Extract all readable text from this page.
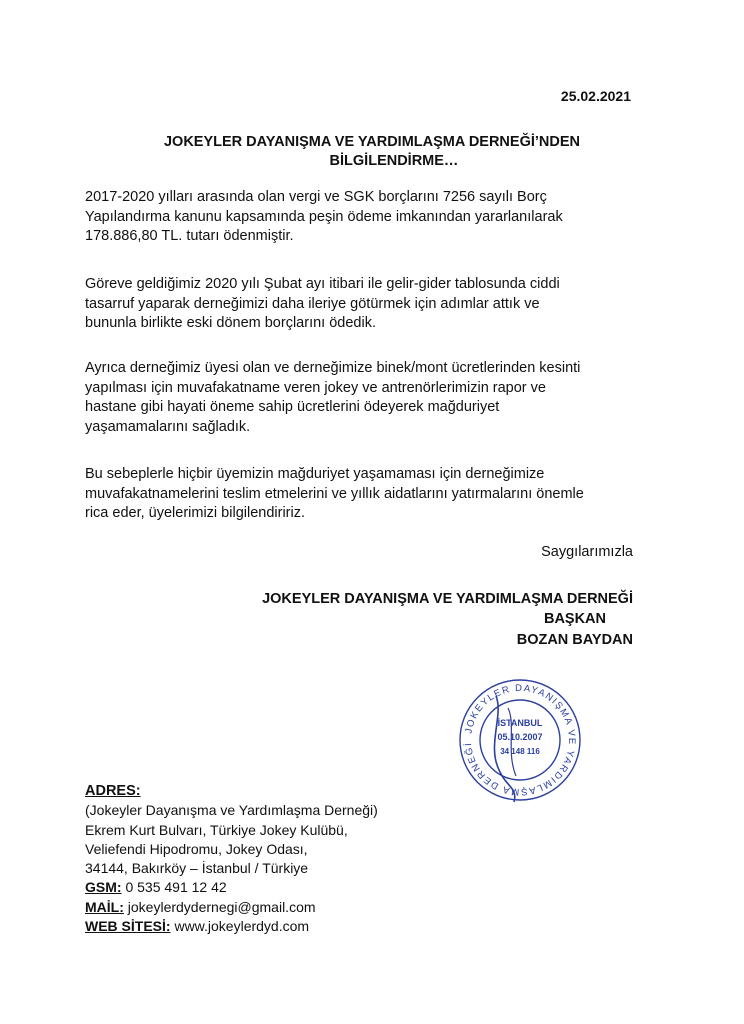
25.02.2021
JOKEYLER DAYANIŞMA VE YARDIMLAŞMA DERNEĞİ’NDEN
BİLGİLENDİRME…
2017-2020 yılları arasında olan vergi ve SGK borçlarını 7256 sayılı Borç
Yapılandırma kanunu kapsamında peşin ödeme imkanından yararlanılarak
178.886,80 TL. tutarı ödenmiştir.
Göreve geldiğimiz 2020 yılı Şubat ayı itibari ile gelir-gider tablosunda ciddi
tasarruf yaparak derneğimizi daha ileriye götürmek için adımlar attık ve
bununla birlikte eski dönem borçlarını ödedik.
Ayrıca derneğimiz üyesi olan ve derneğimize binek/mont ücretlerinden kesinti
yapılması için muvafakatname veren jokey ve antrenörlerimizin rapor ve
hastane gibi hayati öneme sahip ücretlerini ödeyerek mağduriyet
yaşamamalarını sağladık.
Bu sebeplerle hiçbir üyemizin mağduriyet yaşamaması için derneğimize
muvafakatnamelerini teslim etmelerini ve yıllık aidatlarını yatırmalarını önemle
rica eder, üyelerimizi bilgilendiririz.
Saygılarımızla
JOKEYLER DAYANIŞMA VE YARDIMLAŞMA DERNEĞİ
BAŞKAN
BOZAN BAYDAN
JOKEYLER DAYANIŞMA VE YARDIMLAŞMA DERNEĞİ
İSTANBUL
05.10.2007
34 148 116
ADRES:
(Jokeyler Dayanışma ve Yardımlaşma Derneği)
Ekrem Kurt Bulvarı, Türkiye Jokey Kulübü,
Veliefendi Hipodromu, Jokey Odası,
34144, Bakırköy – İstanbul / Türkiye
GSM: 0 535 491 12 42
MAİL: jokeylerdydernegi@gmail.com
WEB SİTESİ: www.jokeylerdyd.com
